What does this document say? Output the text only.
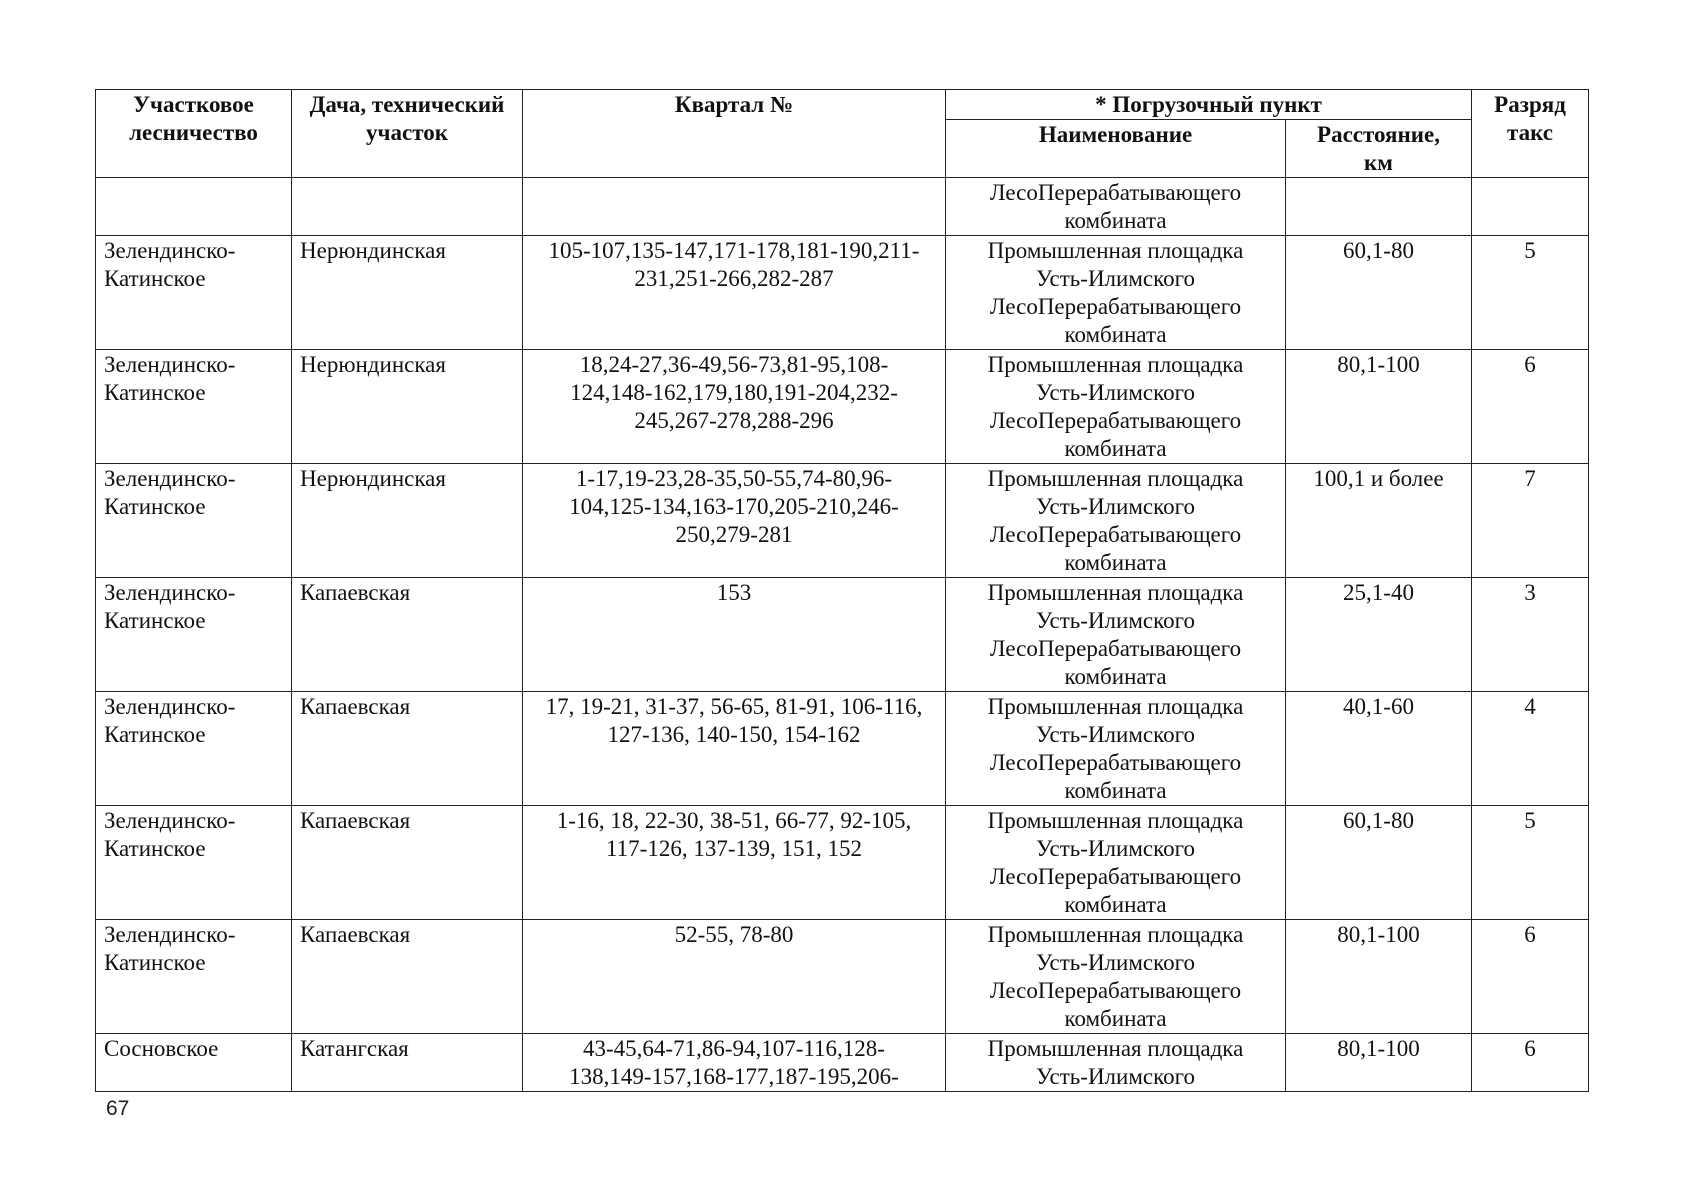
Участковое
лесничество	Дача, технический
участок	Квартал №	* Погрузочный пункт		Разряд
такс

			Наименование	Расстояние,
км	

			ЛесоПерерабатывающего
комбината		

Зелендинско-
Катинское	Нерюндинская	105-107,135-147,171-178,181-190,211-
231,251-266,282-287	Промышленная площадка
Усть-Илимского
ЛесоПерерабатывающего
комбината	60,1-80	5

Зелендинско-
Катинское	Нерюндинская	18,24-27,36-49,56-73,81-95,108-
124,148-162,179,180,191-204,232-
245,267-278,288-296	Промышленная площадка
Усть-Илимского
ЛесоПерерабатывающего
комбината	80,1-100	6

Зелендинско-
Катинское	Нерюндинская	1-17,19-23,28-35,50-55,74-80,96-
104,125-134,163-170,205-210,246-
250,279-281	Промышленная площадка
Усть-Илимского
ЛесоПерерабатывающего
комбината	100,1 и более	7

Зелендинско-
Катинское	Капаевская	153	Промышленная площадка
Усть-Илимского
ЛесоПерерабатывающего
комбината	25,1-40	3

Зелендинско-
Катинское	Капаевская	17, 19-21, 31-37, 56-65, 81-91, 106-116,
127-136, 140-150, 154-162	Промышленная площадка
Усть-Илимского
ЛесоПерерабатывающего
комбината	40,1-60	4

Зелендинско-
Катинское	Капаевская	1-16, 18, 22-30, 38-51, 66-77, 92-105,
117-126, 137-139, 151, 152	Промышленная площадка
Усть-Илимского
ЛесоПерерабатывающего
комбината	60,1-80	5

Зелендинско-
Катинское	Капаевская	52-55, 78-80	Промышленная площадка
Усть-Илимского
ЛесоПерерабатывающего
комбината	80,1-100	6

Сосновское	Катангская	43-45,64-71,86-94,107-116,128-
138,149-157,168-177,187-195,206-	Промышленная площадка
Усть-Илимского	80,1-100	6
67
